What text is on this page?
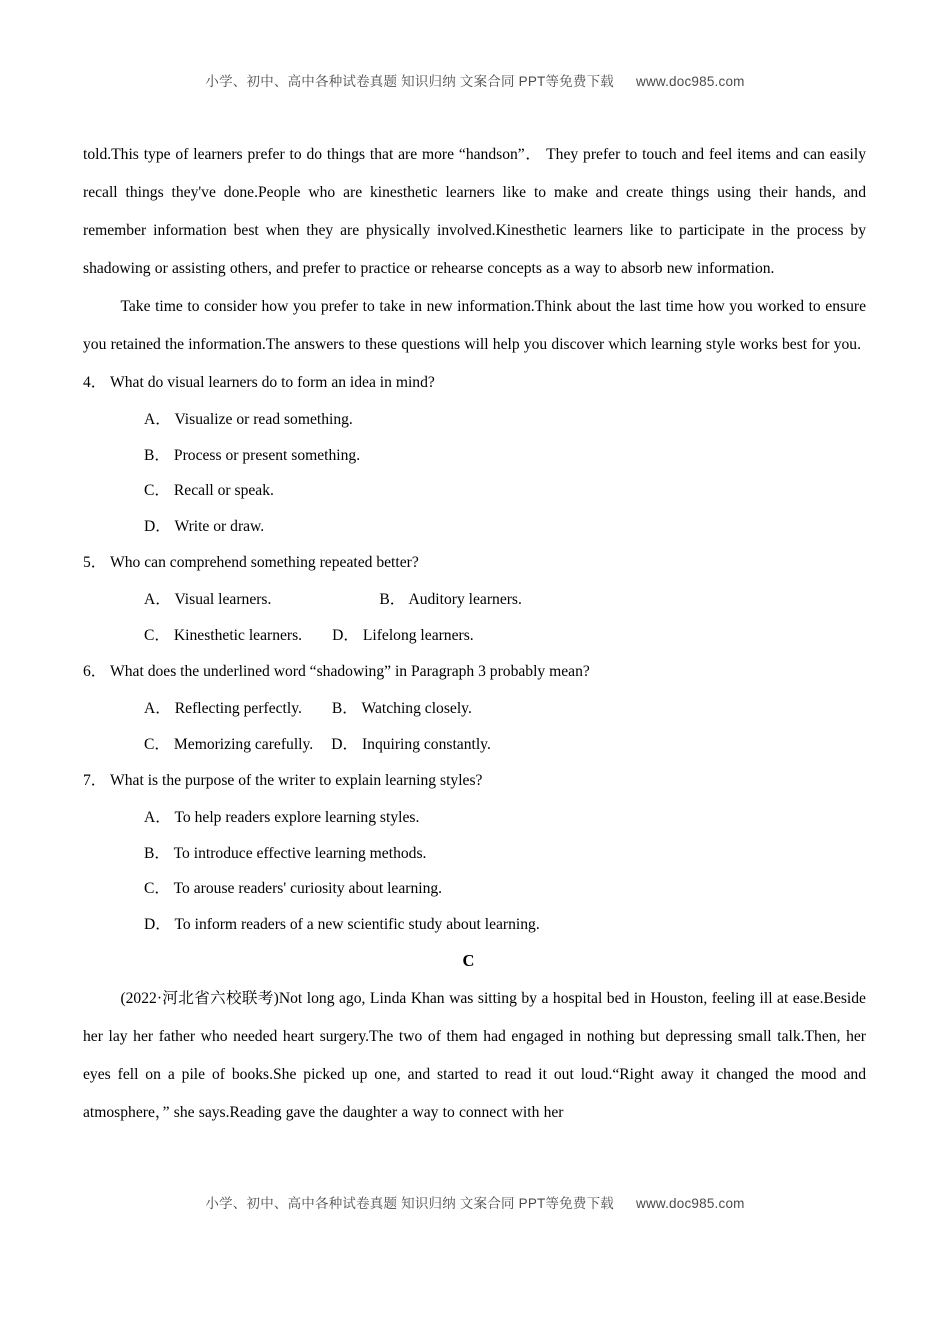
小学、初中、高中各种试卷真题 知识归纳 文案合同 PPT等免费下载 www.doc985.com

told.This type of learners prefer to do things that are more “handson”． They prefer to touch and feel items and can easily recall things they've done.People who are kinesthetic learners like to make and create things using their hands, and remember information best when they are physically involved.Kinesthetic learners like to participate in the process by shadowing or assisting others, and prefer to practice or rehearse concepts as a way to absorb new information.

Take time to consider how you prefer to take in new information.Think about the last time how you worked to ensure you retained the information.The answers to these questions will help you discover which learning style works best for you.

4． What do visual learners do to form an idea in mind?

A． Visualize or read something.

B． Process or present something.

C． Recall or speak.

D． Write or draw.

5． Who can comprehend something repeated better?

A． Visual learners.	B． Auditory learners.

C． Kinesthetic learners. D． Lifelong learners.

6． What does the underlined word “shadowing” in Paragraph 3 probably mean?

A． Reflecting perfectly. B． Watching closely.

C． Memorizing carefully. D． Inquiring constantly.

7． What is the purpose of the writer to explain learning styles?

A． To help readers explore learning styles.

B． To introduce effective learning methods.

C． To arouse readers' curiosity about learning.

D． To inform readers of a new scientific study about learning.

C

(2022·河北省六校联考)Not long ago, Linda Khan was sitting by a hospital bed in Houston, feeling ill at ease.Beside her lay her father who needed heart surgery.The two of them had engaged in nothing but depressing small talk.Then, her eyes fell on a pile of books.She picked up one, and started to read it out loud.“Right away it changed the mood and atmosphere，” she says.Reading gave the daughter a way to connect with her

小学、初中、高中各种试卷真题 知识归纳 文案合同 PPT等免费下载 www.doc985.com
